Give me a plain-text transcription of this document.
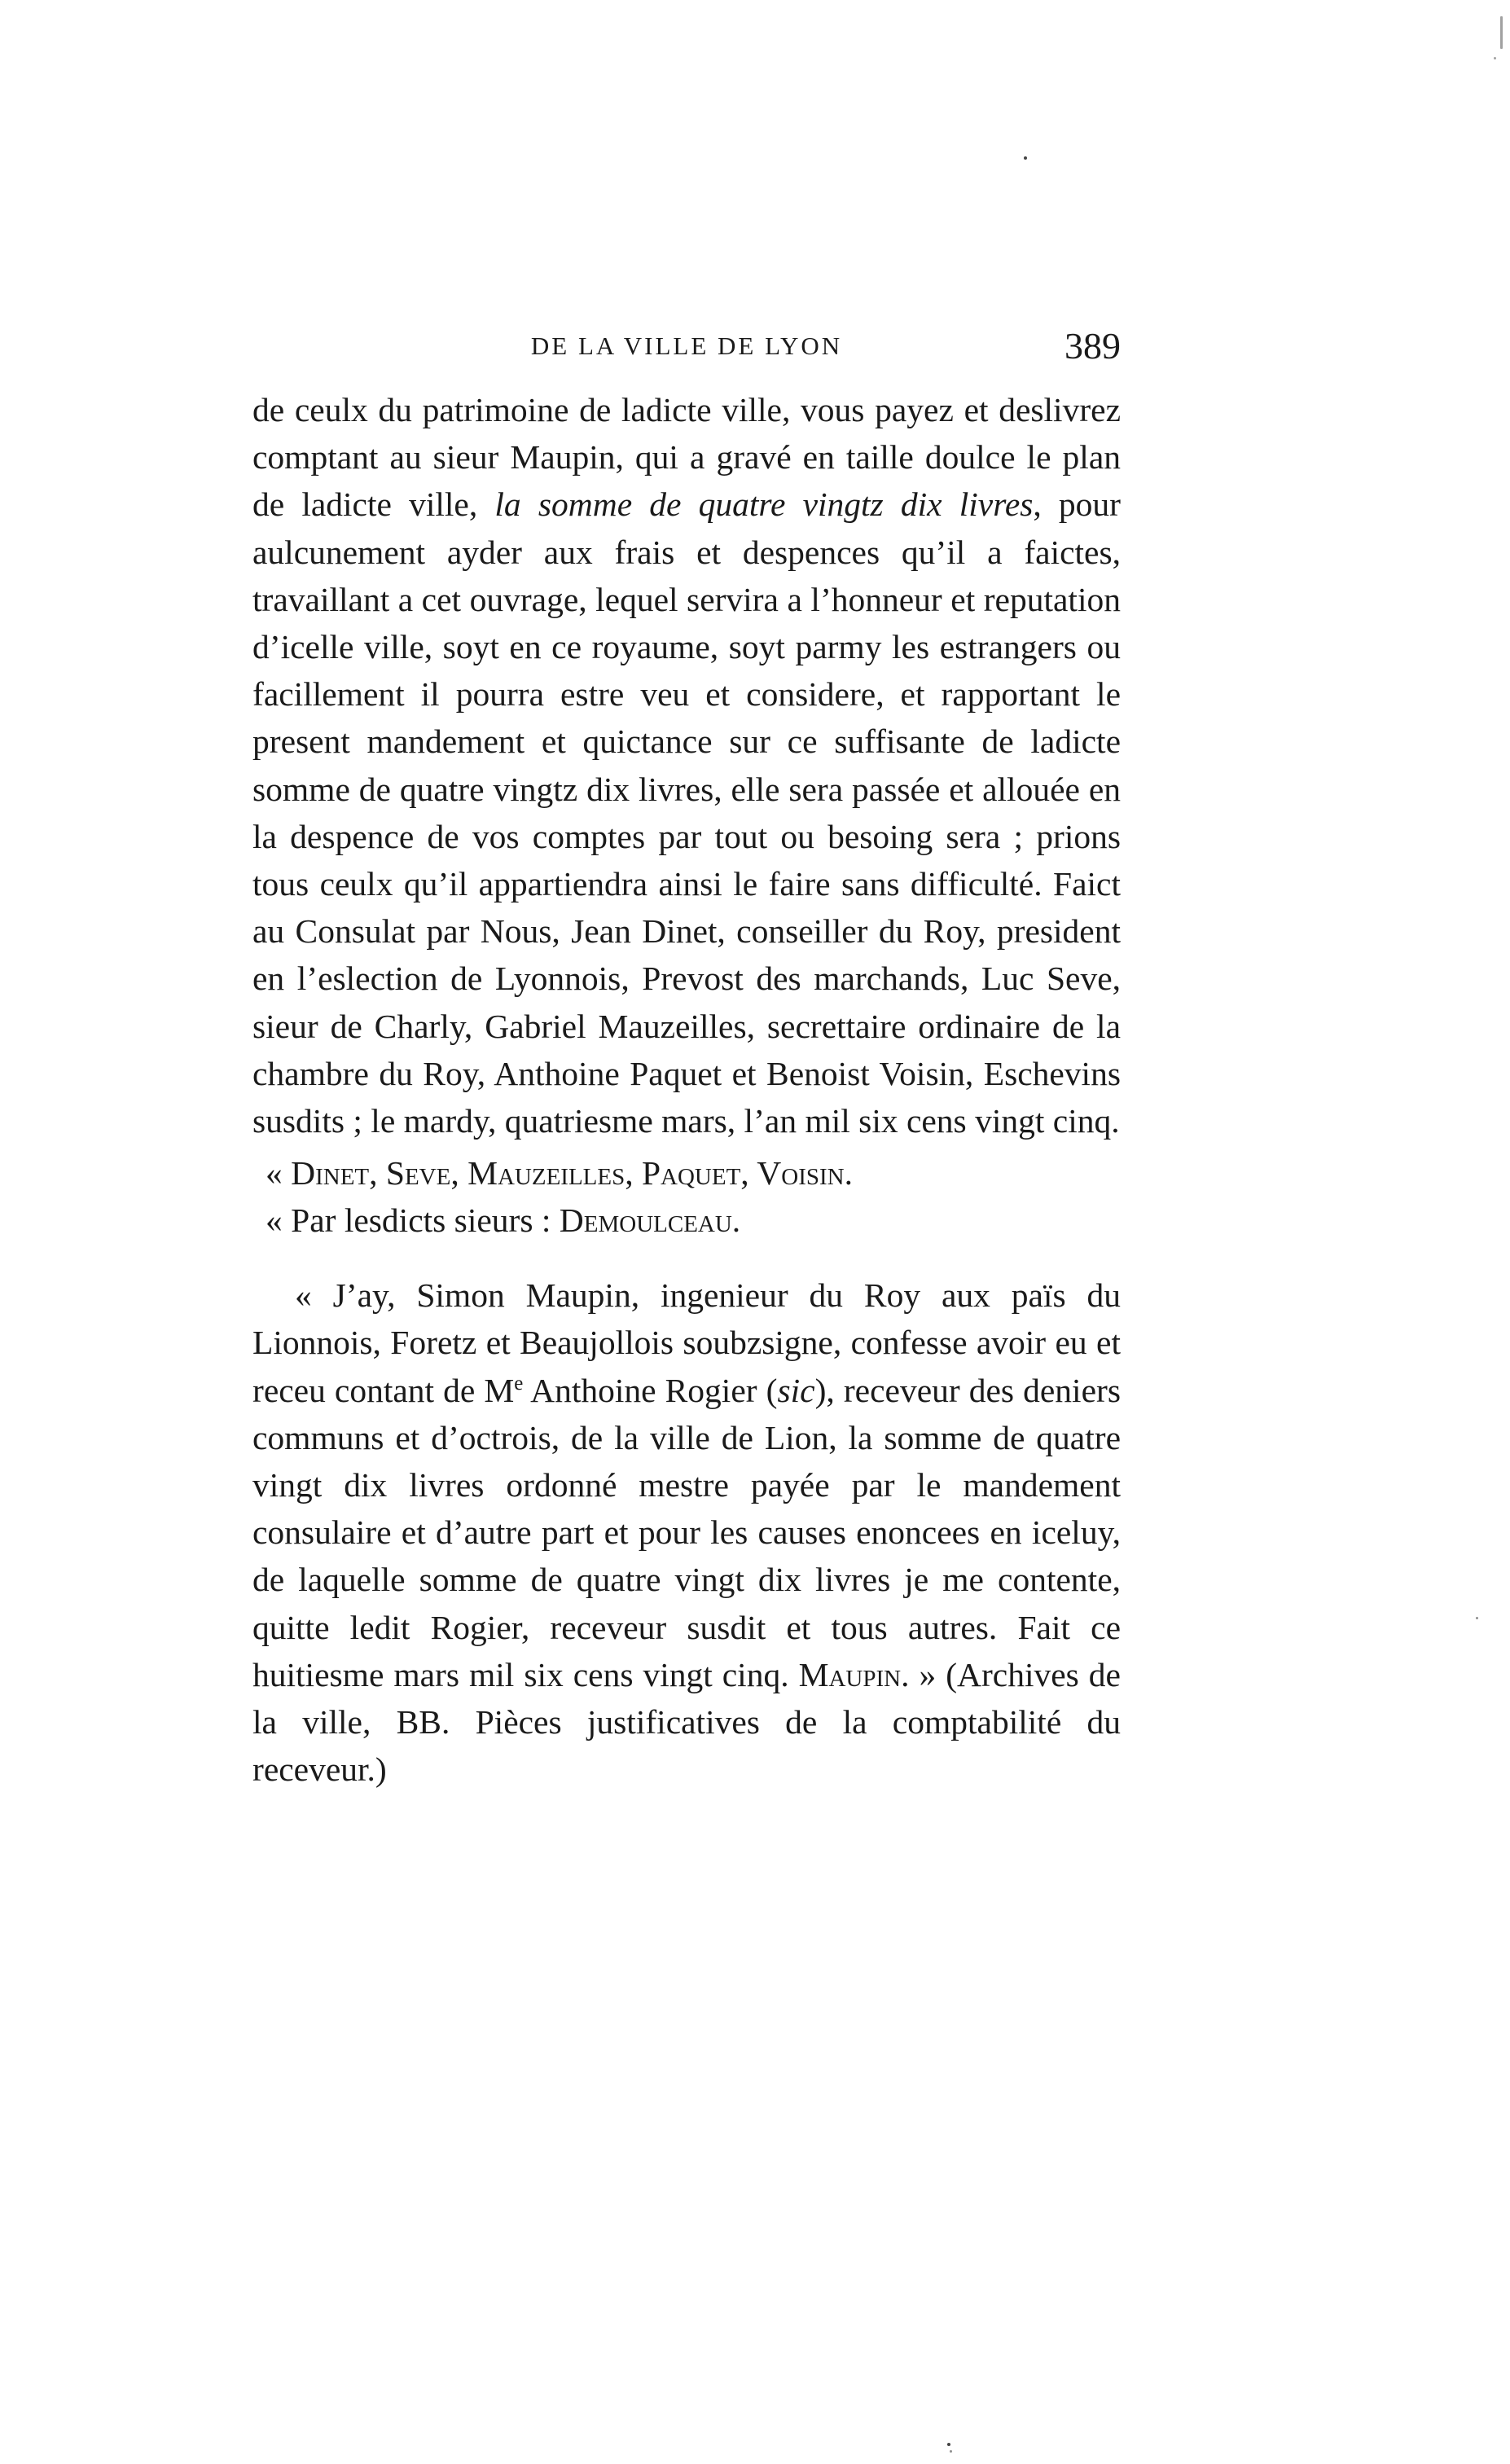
DE LA VILLE DE LYON	389

de ceulx du patrimoine de ladicte ville, vous payez et deslivrez comptant au sieur Maupin, qui a gravé en taille doulce le plan de ladicte ville, la somme de quatre vingtz dix livres, pour aulcunement ayder aux frais et despences qu’il a faictes, travaillant a cet ouvrage, lequel servira a l’honneur et reputation d’icelle ville, soyt en ce royaume, soyt parmy les estrangers ou facillement il pourra estre veu et considere, et rapportant le present mandement et quictance sur ce suffisante de ladicte somme de quatre vingtz dix livres, elle sera passée et allouée en la despence de vos comptes par tout ou besoing sera ; prions tous ceulx qu’il appartiendra ainsi le faire sans difficulté. Faict au Consulat par Nous, Jean Dinet, conseiller du Roy, president en l’eslection de Lyonnois, Prevost des marchands, Luc Seve, sieur de Charly, Gabriel Mauzeilles, secrettaire ordinaire de la chambre du Roy, Anthoine Paquet et Benoist Voisin, Eschevins susdits ; le mardy, quatriesme mars, l’an mil six cens vingt cinq.

« Dinet, Seve, Mauzeilles, Paquet, Voisin.

« Par lesdicts sieurs : Demoulceau.

« J’ay, Simon Maupin, ingenieur du Roy aux païs du Lionnois, Foretz et Beaujollois soubzsigne, confesse avoir eu et receu contant de Me Anthoine Rogier (sic), receveur des deniers communs et d’octrois, de la ville de Lion, la somme de quatre vingt dix livres ordonné mestre payée par le mandement consulaire et d’autre part et pour les causes enoncees en iceluy, de laquelle somme de quatre vingt dix livres je me contente, quitte ledit Rogier, receveur susdit et tous autres. Fait ce huitiesme mars mil six cens vingt cinq. Maupin. » (Archives de la ville, BB. Pièces justificatives de la comptabilité du receveur.)
